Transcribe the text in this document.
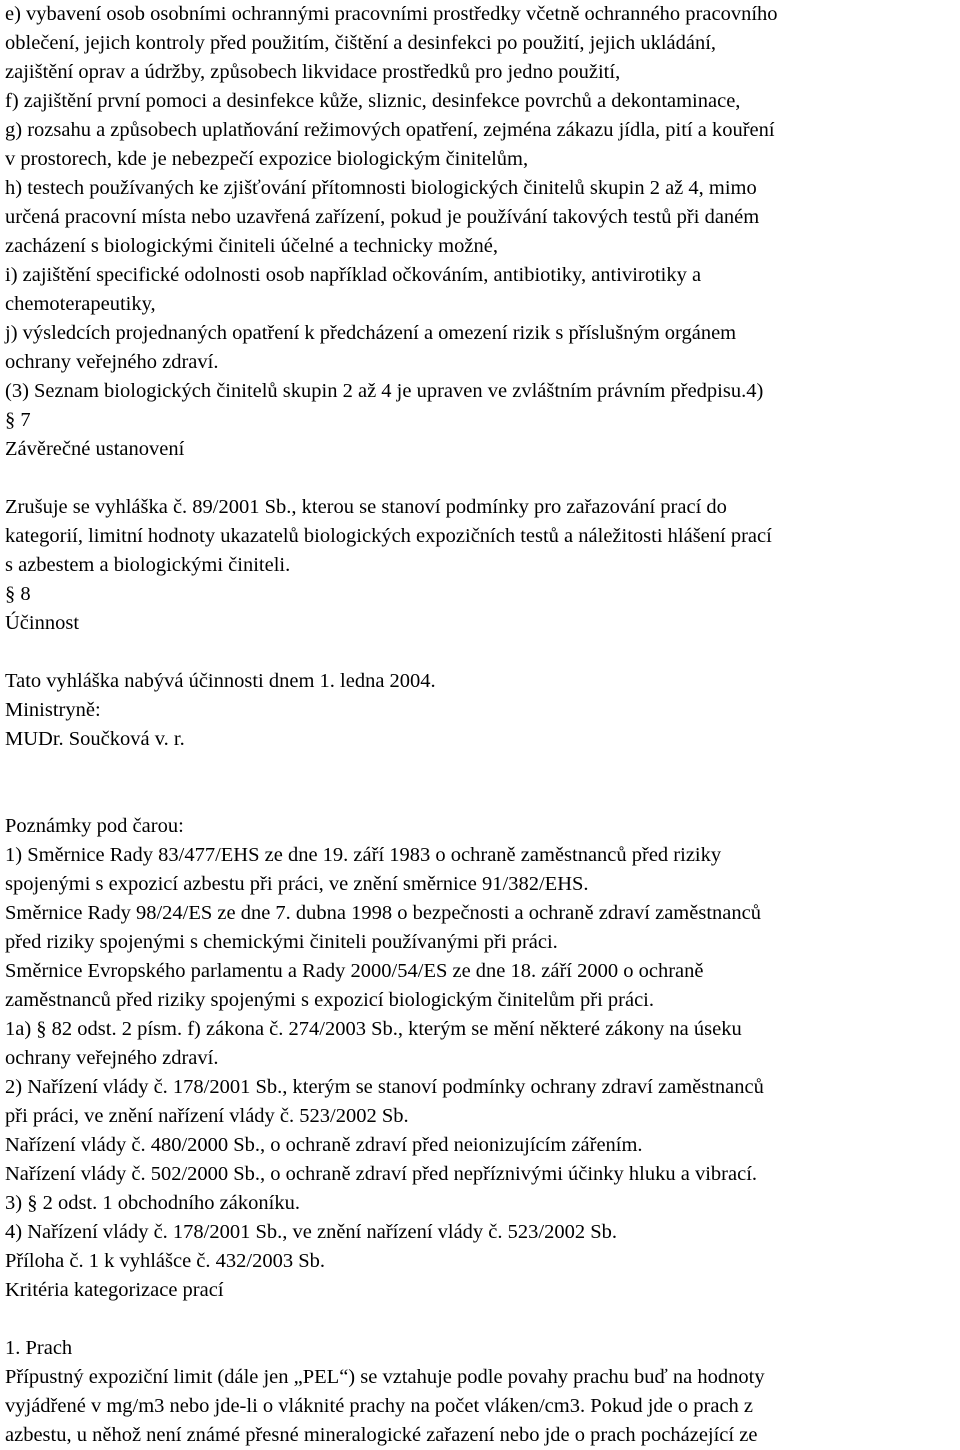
e) vybavení osob osobními ochrannými pracovními prostředky včetně ochranného pracovního
oblečení, jejich kontroly před použitím, čištění a desinfekci po použití, jejich ukládání,
zajištění oprav a údržby, způsobech likvidace prostředků pro jedno použití,
f) zajištění první pomoci a desinfekce kůže, sliznic, desinfekce povrchů a dekontaminace,
g) rozsahu a způsobech uplatňování režimových opatření, zejména zákazu jídla, pití a kouření
v prostorech, kde je nebezpečí expozice biologickým činitelům,
h) testech používaných ke zjišťování přítomnosti biologických činitelů skupin 2 až 4, mimo
určená pracovní místa nebo uzavřená zařízení, pokud je používání takových testů při daném
zacházení s biologickými činiteli účelné a technicky možné,
i) zajištění specifické odolnosti osob například očkováním, antibiotiky, antivirotiky a
chemoterapeutiky,
j) výsledcích projednaných opatření k předcházení a omezení rizik s příslušným orgánem
ochrany veřejného zdraví.
(3) Seznam biologických činitelů skupin 2 až 4 je upraven ve zvláštním právním předpisu.4)
§ 7
Závěrečné ustanovení
Zrušuje se vyhláška č. 89/2001 Sb., kterou se stanoví podmínky pro zařazování prací do
kategorií, limitní hodnoty ukazatelů biologických expozičních testů a náležitosti hlášení prací
s azbestem a biologickými činiteli.
§ 8
Účinnost
Tato vyhláška nabývá účinnosti dnem 1. ledna 2004.
Ministryně:
MUDr. Součková v. r.
Poznámky pod čarou:
1) Směrnice Rady 83/477/EHS ze dne 19. září 1983 o ochraně zaměstnanců před riziky
spojenými s expozicí azbestu při práci, ve znění směrnice 91/382/EHS.
Směrnice Rady 98/24/ES ze dne 7. dubna 1998 o bezpečnosti a ochraně zdraví zaměstnanců
před riziky spojenými s chemickými činiteli používanými při práci.
Směrnice Evropského parlamentu a Rady 2000/54/ES ze dne 18. září 2000 o ochraně
zaměstnanců před riziky spojenými s expozicí biologickým činitelům při práci.
1a) § 82 odst. 2 písm. f) zákona č. 274/2003 Sb., kterým se mění některé zákony na úseku
ochrany veřejného zdraví.
2) Nařízení vlády č. 178/2001 Sb., kterým se stanoví podmínky ochrany zdraví zaměstnanců
při práci, ve znění nařízení vlády č. 523/2002 Sb.
Nařízení vlády č. 480/2000 Sb., o ochraně zdraví před neionizujícím zářením.
Nařízení vlády č. 502/2000 Sb., o ochraně zdraví před nepříznivými účinky hluku a vibrací.
3) § 2 odst. 1 obchodního zákoníku.
4) Nařízení vlády č. 178/2001 Sb., ve znění nařízení vlády č. 523/2002 Sb.
Příloha č. 1 k vyhlášce č. 432/2003 Sb.
Kritéria kategorizace prací
1. Prach
Přípustný expoziční limit (dále jen „PEL“) se vztahuje podle povahy prachu buď na hodnoty
vyjádřené v mg/m3 nebo jde-li o vláknité prachy na počet vláken/cm3. Pokud jde o prach z
azbestu, u něhož není známé přesné mineralogické zařazení nebo jde o prach pocházející ze
